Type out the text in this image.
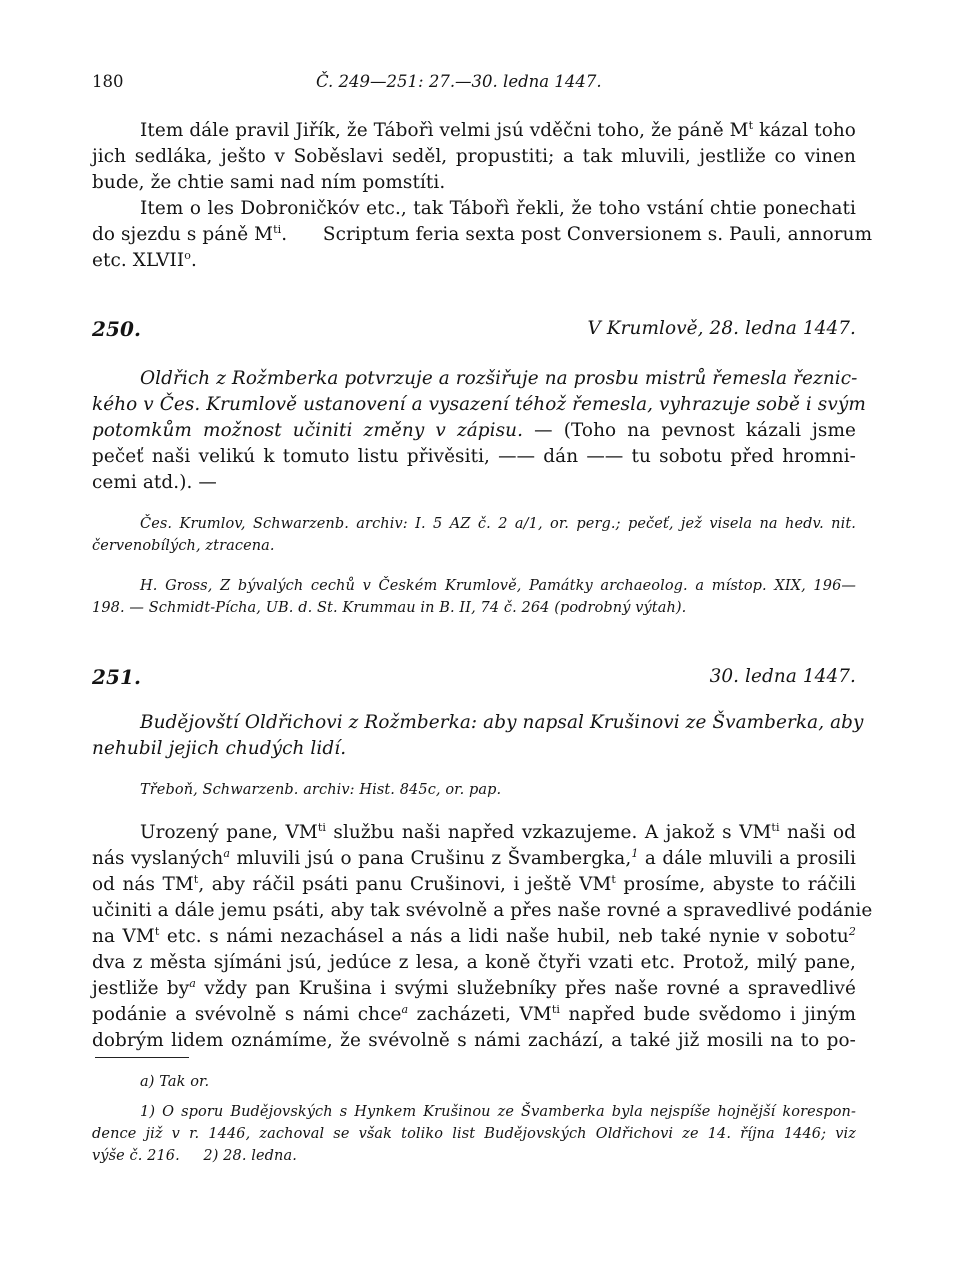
180	Č. 249—251: 27.—30. ledna 1447.

Item dále pravil Jiřík, že Tábořì velmi jsú vděčni toho, že páně $M^t$ kázal toho

jich sedláka, ješto v Soběslavi seděl, propustiti; a tak mluvili, jestliže co vinen

bude, že chtie sami nad ním pomstíti.

Item o les Dobroničkóv etc., tak Tábořì řekli, že toho vstání chtie ponechati

do sjezdu s páně $M^{ti}$.      Scriptum feria sexta post Conversionem s. Pauli, annorum

etc. XLVII$^o$.

250.	V Krumlově, 28. ledna 1447.

Oldřich z Rožmberka potvrzuje a rozšiřuje na prosbu mistrů řemesla řeznic-

kého v Čes. Krumlově ustanovení a vysazení téhož řemesla, vyhrazuje sobě i svým

potomkům možnost učiniti změny v zápisu. — (Toho na pevnost kázali jsme

pečeť naši velikú k tomuto listu přivěsiti, —— dán —— tu sobotu před hromni-

cemi atd.). —

Čes. Krumlov, Schwarzenb. archiv: I. 5 AZ č. 2 a/1, or. perg.; pečeť, jež visela na hedv. nit.

červenobílých, ztracena.

H. Gross, Z bývalých cechů v Českém Krumlově, Památky archaeolog. a místop. XIX, 196—

198. — Schmidt-Pícha, UB. d. St. Krummau in B. II, 74 č. 264 (podrobný výtah).

251.	30. ledna 1447.

Budějovští Oldřichovi z Rožmberka: aby napsal Krušinovi ze Švamberka, aby

nehubil jejich chudých lidí.

Třeboň, Schwarzenb. archiv: Hist. 845c, or. pap.

Urozený pane, $VM^{ti}$ službu naši napřed vzkazujeme. A jakož s $VM^{ti}$ naši od

nás vyslaných$^a$ mluvili jsú o pana Crušinu z Švambergka,$^1$ a dále mluvili a prosili

od nás $TM^t$, aby ráčil psáti panu Crušinovi, i ještě $VM^t$ prosíme, abyste to ráčili

učiniti a dále jemu psáti, aby tak svévolně a přes naše rovné a spravedlivé podánie

na $VM^t$ etc. s námi nezachásel a nás a lidi naše hubil, neb také nynie v sobotu$^2$

dva z města sjímáni jsú, jedúce z lesa, a koně čtyři vzati etc. Protož, milý pane,

jestliže $by^a$ vždy pan Krušina i svými služebníky přes naše rovné a spravedlivé

podánie a svévolně s námi chce$^a$ zacházeti, $VM^{ti}$ napřed bude svědomo i jiným

dobrým lidem oznámíme, že svévolně s námi zachází, a také již mosili na to po-

a) Tak or.

1) O sporu Budějovských s Hynkem Krušinou ze Švamberka byla nejspíše hojnější korespon-

dence již v r. 1446, zachoval se však toliko list Budějovských Oldřichovi ze 14. října 1446; viz

výše č. 216.     2) 28. ledna.
